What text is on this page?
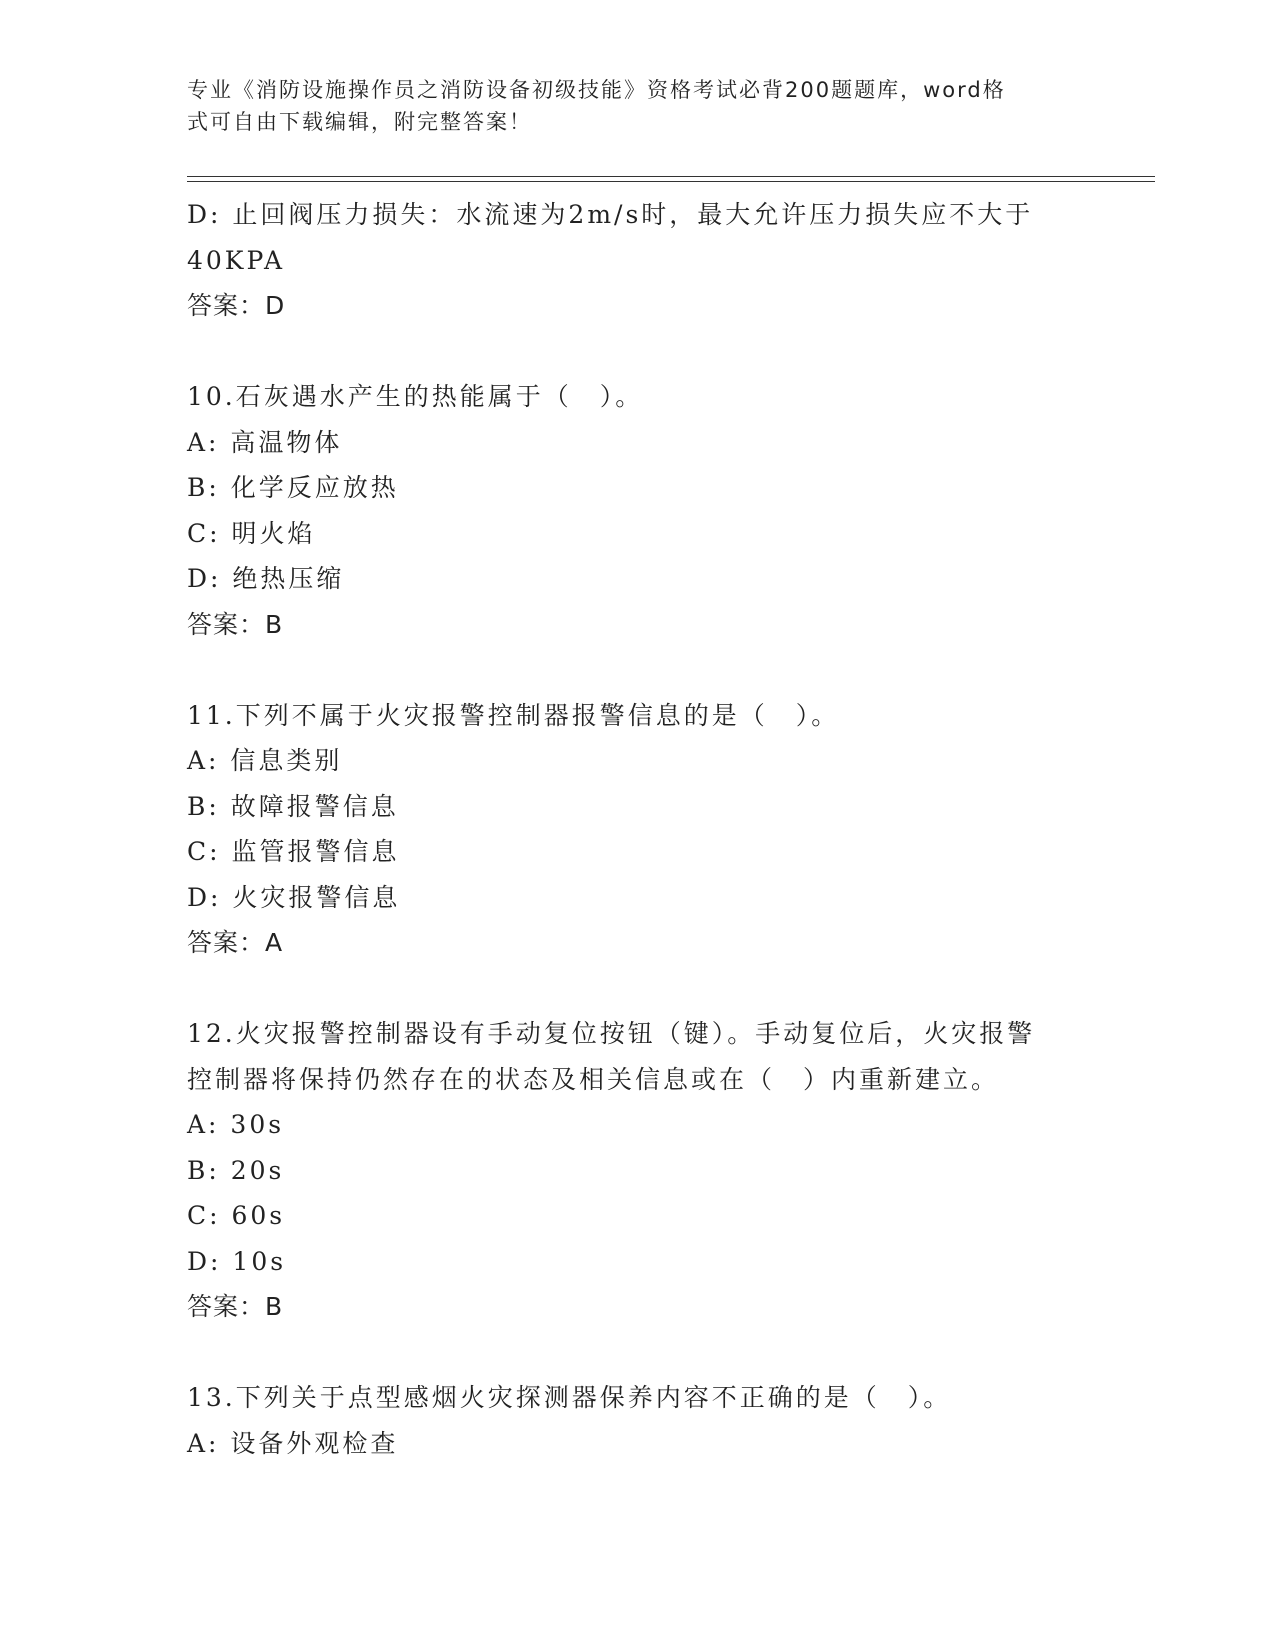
专业《消防设施操作员之消防设备初级技能》资格考试必背200题题库，word格
式可自由下载编辑，附完整答案！
D: 止回阀压力损失：水流速为2m/s时，最大允许压力损失应不大于
40KPA
答案：D
10.石灰遇水产生的热能属于（　）。
A: 高温物体
B: 化学反应放热
C: 明火焰
D: 绝热压缩
答案：B
11.下列不属于火灾报警控制器报警信息的是（　）。
A: 信息类别
B: 故障报警信息
C: 监管报警信息
D: 火灾报警信息
答案：A
12.火灾报警控制器设有手动复位按钮（键）。手动复位后，火灾报警
控制器将保持仍然存在的状态及相关信息或在（　）内重新建立。
A: 30s
B: 20s
C: 60s
D: 10s
答案：B
13.下列关于点型感烟火灾探测器保养内容不正确的是（　）。
A: 设备外观检查
